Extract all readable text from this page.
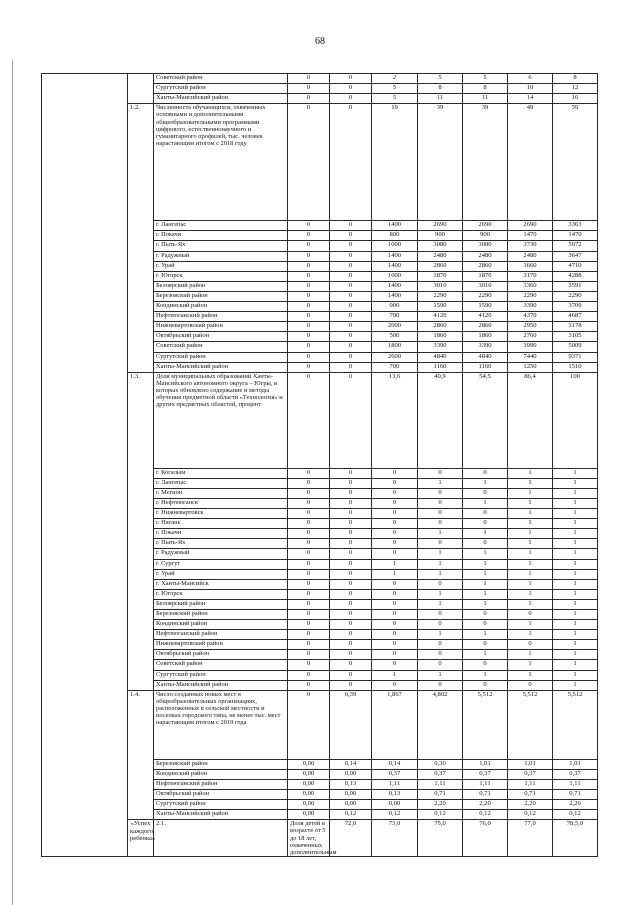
68
		Советский район	0	0	2	5	5	6	8	
		Сургутский район	0	0	5	8	8	10	12	
		Ханты-Мансийский район	0	0	5	11	11	14	16	
	1.2.	Численность обучающихся, охваченных основными и дополнительными общеобразовательными программами цифрового, естественнонаучного и гуманитарного профилей, тыс. человек нарастающим итогом с 2018 году	0	0	19	39	39	49	59	
		г. Лангепас	0	0	1400	2690	2690	2690	3363	
		г. Покачи	0	0	800	900	900	1470	1470	
		г. Пыть-Ях	0	0	1000	3080	3080	3730	5072	
		г. Радужный	0	0	1400	2480	2480	2480	3647	
		г. Урай	0	0	1400	2860	2860	3660	4710	
		г. Югорск	0	0	1000	1870	1870	3170	4288	
		Белоярский район	0	0	1400	3010	3010	3360	3591	
		Березовский район	0	0	1400	2290	2290	2290	2290	
		Кондинский район	0	0	900	1590	1590	3390	3709	
		Нефтеюганский район	0	0	700	4120	4120	4370	4687	
		Нижневартовский район	0	0	2000	2860	2860	2950	3178	
		Октябрьский район	0	0	500	1860	1860	2760	3105	
		Советский район	0	0	1800	3390	3390	3990	5009	
		Сургутский район	0	0	2600	4840	4840	7440	9371	
		Ханты-Мансийский район	0	0	700	1160	1160	1250	1510	
	1.3.	Доля муниципальных образований Ханты-Мансийского автономного округа – Югры, в которых обновлено содержание и методы обучения предметной области «Технология» и других предметных областей, процент	0	0	13,6	40,9	54,5	86,4	100	
		г. Когалым	0	0	0	0	0	1	1	
		г. Лангепас	0	0	0	1	1	1	1	
		г. Мегион	0	0	0	0	0	1	1	
		г. Нефтеюганск	0	0	0	0	1	1	1	
		г. Нижневартовск	0	0	0	0	0	1	1	
		г. Нягань	0	0	0	0	0	1	1	
		г. Покачи	0	0	0	1	1	1	1	
		г. Пыть-Ях	0	0	0	0	0	1	1	
		г. Радужный	0	0	0	1	1	1	1	
		г. Сургут	0	0	1	1	1	1	1	
		г. Урай	0	0	1	1	1	1	1	
		г. Ханты-Мансийск	0	0	0	0	1	1	1	
		г. Югорск	0	0	0	1	1	1	1	
		Белоярский район	0	0	0	1	1	1	1	
		Березовский район	0	0	0	0	0	0	1	
		Кондинский район	0	0	0	0	0	1	1	
		Нефтеюганский район	0	0	0	1	1	1	1	
		Нижневартовский район	0	0	0	0	0	0	1	
		Октябрьский район	0	0	0	0	1	1	1	
		Советский район	0	0	0	0	0	1	1	
		Сургутский район	0	0	1	1	1	1	1	
		Ханты-Мансийский район	0	0	0	0	0	0	1	
	1.4.	Число созданных новых мест в общеобразовательных организациях, расположенных в сельской местности и поселках городского типа, не менее тыс. мест нарастающим итогом с 2019 года	0	0,39	1,867	4,802	5,512	5,512	5,512	
		Березовский район	0,00	0,14	0,14	0,30	1,01	1,01	1,01	
		Кондинский район	0,00	0,00	0,37	0,37	0,37	0,37	0,37	
		Нефтеюганский район	0,00	0,13	1,11	1,11	1,11	1,11	1,11	
		Октябрьский район	0,00	0,00	0,13	0,71	0,71	0,71	0,71	
		Сургутский район	0,00	0,00	0,00	2,20	2,20	2,20	2,20	
		Ханты-Мансийский район	0,00	0,12	0,12	0,12	0,12	0,12	0,12	
	«Успех каждого ребенка»	2.1.	Доля детей в возрасте от 5 до 18 лет, охваченных дополнительным	72,0	73,0	75,0	76,0	77,0	78,5,0	
